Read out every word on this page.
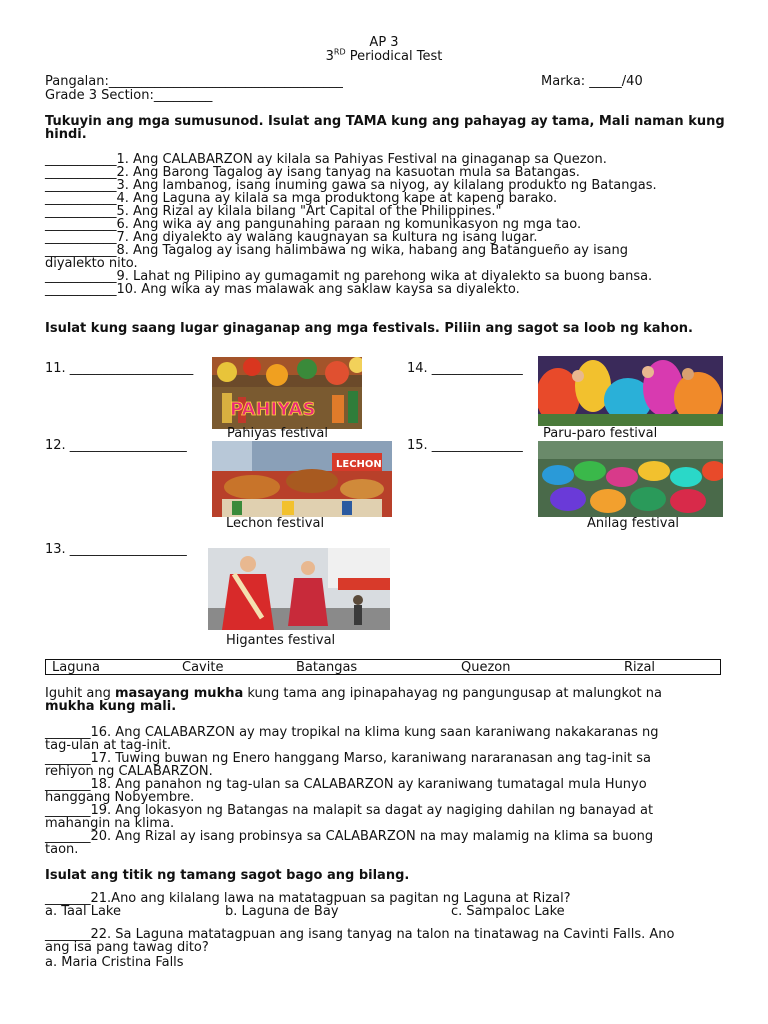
AP 3
3RD Periodical Test
Pangalan:____________________________________	Marka: _____/40
Grade 3 Section:_________
Tukuyin ang mga sumusunod. Isulat ang TAMA kung ang pahayag ay tama, Mali naman kung hindi.
___________1. Ang CALABARZON ay kilala sa Pahiyas Festival na ginaganap sa Quezon.
___________2. Ang Barong Tagalog ay isang tanyag na kasuotan mula sa Batangas.
___________3. Ang lambanog, isang inuming gawa sa niyog, ay kilalang produkto ng Batangas.
___________4. Ang Laguna ay kilala sa mga produktong kape at kapeng barako.
___________5. Ang Rizal ay kilala bilang "Art Capital of the Philippines."
___________6. Ang wika ay ang pangunahing paraan ng komunikasyon ng mga tao.
___________7. Ang diyalekto ay walang kaugnayan sa kultura ng isang lugar.
___________8. Ang Tagalog ay isang halimbawa ng wika, habang ang Batangueño ay isang
diyalekto nito.
___________9. Lahat ng Pilipino ay gumagamit ng parehong wika at diyalekto sa buong bansa.
___________10. Ang wika ay mas malawak ang saklaw kaysa sa diyalekto.
Isulat kung saang lugar ginaganap ang mga festivals. Piliin ang sagot sa loob ng kahon.
11. ___________________	14. ______________
12. __________________	15. ______________
13. __________________
PAHIYAS
Pahiyas festival	Paru-paro festival
LECHON
Lechon festival	Anilag festival
Higantes festival
Laguna	Cavite	Batangas	Quezon	Rizal
Iguhit ang masayang mukha kung tama ang ipinapahayag ng pangungusap at malungkot na
mukha kung mali.
_______16. Ang CALABARZON ay may tropikal na klima kung saan karaniwang nakakaranas ng
tag-ulan at tag-init.
_______17. Tuwing buwan ng Enero hanggang Marso, karaniwang nararanasan ang tag-init sa
rehiyon ng CALABARZON.
_______18. Ang panahon ng tag-ulan sa CALABARZON ay karaniwang tumatagal mula Hunyo
hanggang Nobyembre.
_______19. Ang lokasyon ng Batangas na malapit sa dagat ay nagiging dahilan ng banayad at
mahangin na klima.
_______20. Ang Rizal ay isang probinsya sa CALABARZON na may malamig na klima sa buong
taon.
Isulat ang titik ng tamang sagot bago ang bilang.
_______21.Ano ang kilalang lawa na matatagpuan sa pagitan ng Laguna at Rizal?
a. Taal Lake	b. Laguna de Bay	c. Sampaloc Lake
_______22. Sa Laguna matatagpuan ang isang tanyag na talon na tinatawag na Cavinti Falls. Ano
ang isa pang tawag dito?
a. Maria Cristina Falls
